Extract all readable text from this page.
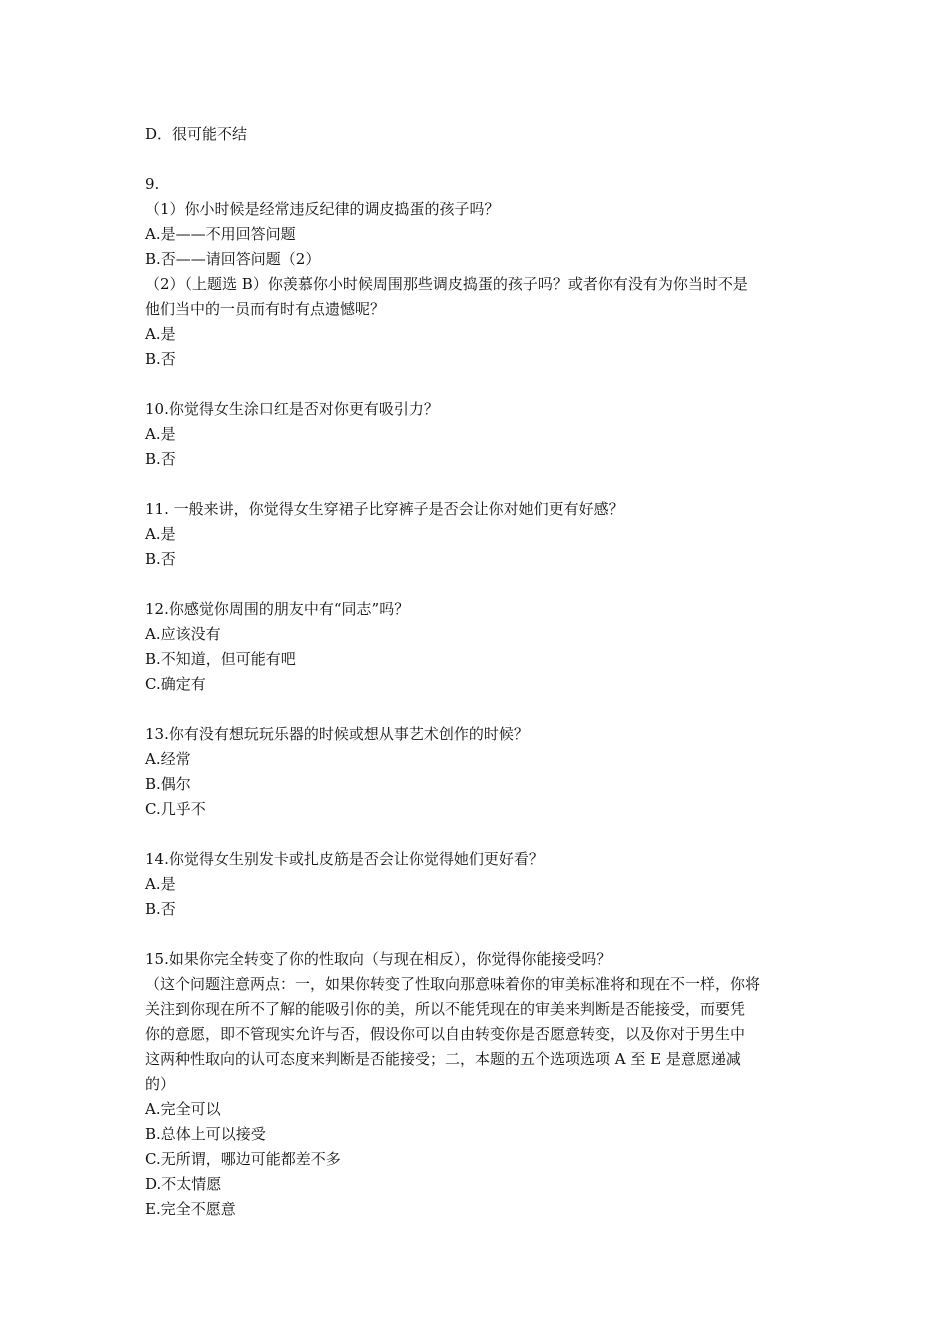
D．很可能不结

9.

（1）你小时候是经常违反纪律的调皮捣蛋的孩子吗？

A.是——不用回答问题

B.否——请回答问题（2）

（2）（上题选 B）你羡慕你小时候周围那些调皮捣蛋的孩子吗？或者你有没有为你当时不是

他们当中的一员而有时有点遗憾呢？

A.是

B.否

10.你觉得女生涂口红是否对你更有吸引力？

A.是

B.否

11. 一般来讲，你觉得女生穿裙子比穿裤子是否会让你对她们更有好感？

A.是

B.否

12.你感觉你周围的朋友中有“同志”吗？

A.应该没有

B.不知道，但可能有吧

C.确定有

13.你有没有想玩玩乐器的时候或想从事艺术创作的时候？

A.经常

B.偶尔

C.几乎不

14.你觉得女生别发卡或扎皮筋是否会让你觉得她们更好看？

A.是

B.否

15.如果你完全转变了你的性取向（与现在相反），你觉得你能接受吗？

（这个问题注意两点：一，如果你转变了性取向那意味着你的审美标准将和现在不一样，你将

关注到你现在所不了解的能吸引你的美，所以不能凭现在的审美来判断是否能接受，而要凭

你的意愿，即不管现实允许与否，假设你可以自由转变你是否愿意转变，以及你对于男生中

这两种性取向的认可态度来判断是否能接受；二，本题的五个选项选项 A 至 E 是意愿递减

的）

A.完全可以

B.总体上可以接受

C.无所谓，哪边可能都差不多

D.不太情愿

E.完全不愿意
